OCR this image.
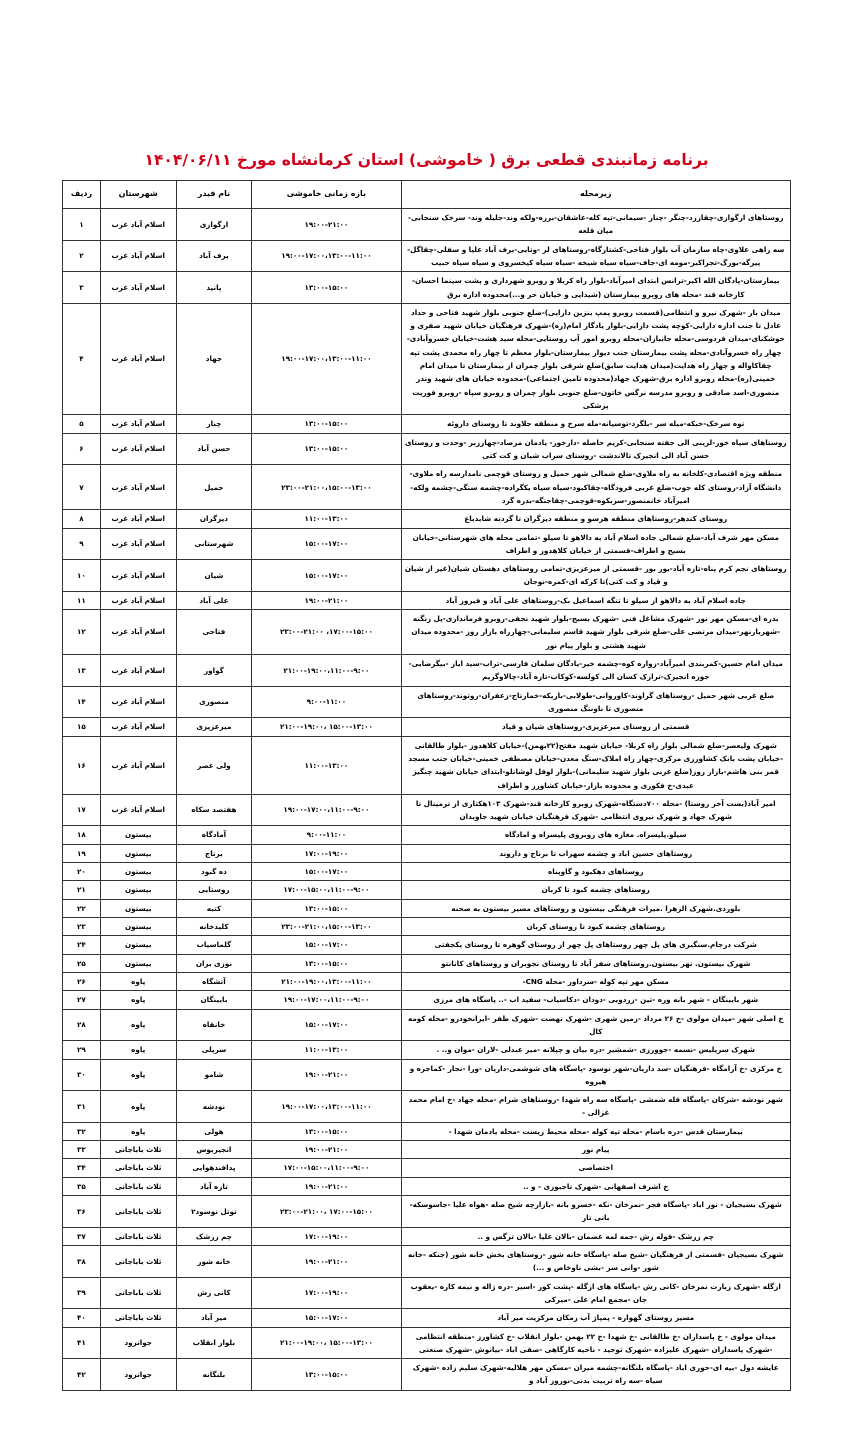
برنامه زمانبندی قطعی برق ( خاموشی) استان کرمانشاه مورخ ۱۴۰۴/۰۶/۱۱
زیرمحله	بازه زمانی خاموشی	نام فیدر	شهرستان	ردیف
روستاهای ارگوازی-چقازرد-چنگر -چنار -سیمانی-تپه کله-عاشقان-برزه-ولکه وند-جلیله وند- سرخک سنجابی-میان قلعه	۱۹:۰۰-۲۱:۰۰	ارگوازی	اسلام آباد غرب	۱
سه راهی علاوی-چاه سازمان آب بلوار فتاحی-کشتارگاه-روستاهای لر -وتایی-برف آباد علیا و سفلی-چقاگل-پیرگه-بورگ-تجراکبر-مومه ای-جاف-سیاه سیاه شیخه -سیاه سیاه کیخسروی و سیاه سیاه حبیب	۱۹:۰۰-۱۷:۰۰،۱۳:۰۰-۱۱:۰۰	برف آباد	اسلام آباد غرب	۲
بیمارستان-پادگان الله اکبر-ترانس ابتدای امیرآباد-بلوار راه کربلا و روبرو شهرداری و پشت سینما احسان-کارخانه قند -محله های روبرو بیمارستان (شیدایی و خیابان حر و...)محدوده اداره برق	۱۳:۰۰-۱۵:۰۰	پانید	اسلام آباد غرب	۳
میدان بار -شهرک نیرو و انتظامی(قسمت روبرو پمپ بنزین دارایی)-ضلع جنوبی بلوار شهید فتاحی و حداد عادل تا جنب اداره دارایی-کوچه پشت دارایی-بلوار یادگار امام(ره)-شهرک فرهنگیان خیابان شهید صفری و خوشکنای-میدان فردوسی-محله جانبازان-محله روبرو امور آب روستایی-محله سید هشت-خیابان خسروآبادی-چهار راه خسروآبادی-محله پشت بیمارستان جنب دیوار بیمارستان-بلوار معظم تا چهار راه محمدی پشت تپه چقاکاواله و چهار راه هدایت(میدان هدایت سابق)ضلع شرقی بلوار چمران از بیمارستان تا میدان امام خمینی(ره)-محله روبرو اداره برق-شهرک جهاد(محدوده تامین اجتماعی)-محدوده خیابان های شهید وندر منصوری-اسد صادقی و روبرو مدرسه نرگس خاتون-ضلع جنوبی بلوار چمران و روبرو سپاه -روبرو فوریت پزشکی	۱۹:۰۰-۱۷:۰۰،۱۳:۰۰-۱۱:۰۰	جهاد	اسلام آباد غرب	۴
توه سرخک-خبکه-میله سر -بلگرد-توسیانه-مله سرخ و منطقه جلاوند تا روستای داروئه	۱۳:۰۰-۱۵:۰۰	چنار	اسلام آباد غرب	۵
روستاهای سیاه خور-لرینی الی جفته سنجابی-کریم حاصله -دارخور- یادمان مرصاد-چهارزبر -وحدت و روستای حسن آباد الی انجیرک تالاندشت -روستای سراب شیان و کت کتی	۱۳:۰۰-۱۵:۰۰	حسن آباد	اسلام آباد غرب	۶
منطقه ویژه اقتصادی-کلخانه به راه ملاوی-ضلع شمالی شهر حمیل و روستای قوچمی نامدارسه راه ملاوی-دانشگاه آزاد-روستای کله جوب-ضلع غربی فرودگاه-چقاکبود-سیاه سیاه یکگراده-چشمه سنگی-چشمه ولکه-امیرآباد خانمنصور-سربکوه-قوچمی-چقاجنگه-بدره گرد	۲۳:۰۰-۲۱:۰۰،۱۵:۰۰-۱۳:۰۰	حمیل	اسلام آباد غرب	۷
روستای کندهر-روستاهای منطقه هرسو و منطقه دیزگران تا گردنه شابدباغ	۱۱:۰۰-۱۳:۰۰	دیزگران	اسلام آباد غرب	۸
مسکن مهر شرف آباد-ضلع شمالی جاده اسلام آباد به دالاهو تا سیلو -تمامی محله های شهرستانی-خیابان بسیج و اطراف-قسمتی از خیابان کلاهدوز و اطراف	۱۵:۰۰-۱۷:۰۰	شهرستانی	اسلام آباد غرب	۹
روستاهای نجم کرم پناه-تازه آباد-بور بور -قسمتی از میرعزیزی-تمامی روستاهای دهستان شیان(غیر از شیان و قیاد و کت کتی)تا کرکه ای-کمره-نوجان	۱۵:۰۰-۱۷:۰۰	شیان	اسلام آباد غرب	۱۰
جاده اسلام آباد به دالاهو از سیلو تا تنگه اسماعیل بک-روستاهای علی آباد و فیروز آباد	۱۹:۰۰-۲۱:۰۰	علی آباد	اسلام آباد غرب	۱۱
بدره ای-مسکن مهر نور -شهرک مشاغل فنی -شهرک بسیج-بلوار شهید نجفی-روبرو فرمانداری-پل زنگنه -شهریارنهر-میدان مرتضی علی-ضلع شرقی بلوار شهید قاسم سلیمانی-چهارراه بازار روز -محدوده میدان شهید هشتی و بلوار پیام نور	۲۳:۰۰-۲۱:۰۰ ،۱۷:۰۰-۱۵:۰۰	فتاحی	اسلام آباد غرب	۱۲
میدان امام حسین-کمربندی امیرآباد-زواره کوه-چشمه خیر-یادگان سلمان فارسی-تراب-سید ایاز -بیگرضایی-جوزه انجیرک-ترازک کسان الی کولسه-کوکاب-تازه آباد-چالاوگریم	۲۱:۰۰-۱۹:۰۰،۱۱:۰۰-۹:۰۰	گواور	اسلام آباد غرب	۱۳
ضلع غربی شهر حمیل -روستاهای گراوند-کاوروانی-طولابی-باریکه-خمارتاج-زعفران-روتوند-روستاهای منصوری تا ناوننگ منصوری	۹:۰۰-۱۱:۰۰	منصوری	اسلام آباد غرب	۱۴
قسمتی از روستای میرعزیزی-روستاهای شیان و قیاد	۲۱:۰۰-۱۹:۰۰، ۱۵:۰۰-۱۳:۰۰	میرعزیزی	اسلام آباد غرب	۱۵
شهرک ولیعصر-ضلع شمالی بلوار راه کربلا- خیابان شهید مفتح(۲۲بهمن)-خیابان کلاهدوز -بلوار طالقانی -خیابان پشت بانک کشاورزی مرکزی-چهار راه املاک-سنگ معدن-خیابان مصطفی خمینی-خیابان جنب مسجد قمر بنی هاشم-بازار روز(ضلع غربی بلوار شهید سلیمانی)-بلوار لوفل لوشانلو-ابتدای خیابان شهید چنگیز عبدی-خ فکوری و محدوده بازار-خیابان کشاورز و اطراف	۱۱:۰۰-۱۳:۰۰	ولی عصر	اسلام آباد غرب	۱۶
امیر آباد(بست آخر روستا) -محله ۷۰۰دستگاه-شهرک روبرو کارخانه قند-شهرک ۱۰۳هکتاری از ترمینال تا شهرک جهاد و شهرک نیروی انتظامی -شهرک فرهنگیان خیابان شهید جاویدان	۱۹:۰۰-۱۷:۰۰،۱۱:۰۰-۹:۰۰	هفتصد سکاه	اسلام آباد غرب	۱۷
سیلو.پلیسراه. مغازه های روبروی پلیسراه و امادگاه	۹:۰۰-۱۱:۰۰	آمادگاه	بیستون	۱۸
روستاهای حسین اباد و چشمه سهراب تا برناج و داروند	۱۷:۰۰-۱۹:۰۰	برناج	بیستون	۱۹
روستاهای دهکبود و گاوپناه	۱۵:۰۰-۱۷:۰۰	ده گبود	بیستون	۲۰
روستاهای چشمه کبود تا کربان	۱۷:۰۰-۱۵:۰۰،۱۱:۰۰-۹:۰۰	روستایی	بیستون	۲۱
بلوردی.شهرک الزهرا .میراث فرهنگی بیستون و روستاهای مسیر بیستون به صحنه	۱۳:۰۰-۱۵:۰۰	کتبه	بیستون	۲۲
روستاهای چشمه کبود تا روستای کربان	۲۳:۰۰-۲۱:۰۰،۱۵:۰۰-۱۳:۰۰	کلیدخانه	بیستون	۲۳
شرکت درجام.سنگبری های پل چهر روستاهای پل چهر از روستای گوهره تا روستای یکجفتی	۱۵:۰۰-۱۷:۰۰	گلماسیاب	بیستون	۲۴
شهرک بیستون. نهر بیستون.روستاهای سفر آباد تا روستای نجوبران و روستاهای کانانتو	۱۳:۰۰-۱۵:۰۰	نوزی بران	بیستون	۲۵
مسکن مهر تپه کوله -سرداور -محله CNG-	۲۱:۰۰-۱۹:۰۰،۱۳:۰۰-۱۱:۰۰	آتشگاه	پاوه	۲۶
شهر بایینگان - شهر بانه وره -تین -زردویی -دودان -دکاسیاب- سفید اب -.. پاسگاه های مرزی	۱۹:۰۰-۱۷:۰۰،۱۱:۰۰-۹:۰۰	بایینگان	پاوه	۲۷
خ اصلی شهر -میدان مولوی -خ ۲۶ مرداد -زمین شهری -شهرک نهضت -شهرک ظفر -ایرانخودرو -محله کومه کال	۱۵:۰۰-۱۷:۰۰	خانقاه	پاوه	۲۸
شهرک سرپلیس -نسمه -جوورزی -شمشیر -دره بیان و چپلانه -میر عبدلی -لاران -موان و.. .	۱۱:۰۰-۱۳:۰۰	سرپلی	پاوه	۲۹
خ مرکزی -خ آرامگاه -فرهنگیان -سد داریان-شهر نوسود -پاسگاه های شوشمی-داریان -ورا -نجار -کماجره و هیروه	۱۹:۰۰-۲۱:۰۰	شامو	پاوه	۳۰
شهر نودشه -شرکان -پاسگاه قله شمشی -پاسگاه سه راه شهدا -روستاهای شرام -محله جهاد -خ امام محمد غزالی -	۱۹:۰۰-۱۷:۰۰،۱۳:۰۰-۱۱:۰۰	نودشه	پاوه	۳۱
بیمارستان قدس -دره باسام -محله تپه کوله -محله محیط زیست -محله یادمان شهدا -	۱۳:۰۰-۱۵:۰۰	هولی	پاوه	۳۲
پیام نور	۱۹:۰۰-۲۱:۰۰	انجیربوس	ثلاث باباجانی	۳۳
اختصاصی	۱۷:۰۰-۱۵:۰۰،۱۱:۰۰-۹:۰۰	پدافندهوایی	ثلاث باباجانی	۳۴
خ اشرف اصفهانی -شهرک تاجبوزی - و ..	۱۹:۰۰-۲۱:۰۰	تازه آباد	ثلاث باباجانی	۳۵
شهرک بسیجیان - نور اباد -پاسگاه فجر -نمرخان -نکه -خسرو بانه -بازارچه شیخ صله -هواه علیا -جاسوسکه-بانی تار	۲۳:۰۰-۲۱:۰۰، ۱۷:۰۰-۱۵:۰۰	توتل نوسود۲	ثلاث باباجانی	۳۶
چم زرشک -قوله رش -جمه لمه غضمان -بالان علیا -بالان ترگس و ..	۱۷:۰۰-۱۹:۰۰	چم زرشک	ثلاث باباجانی	۳۷
شهرک بسیجیان -قسمتی از فرهنگیان -شیخ صله -پاسگاه خانه شور -روستاهای بخش خانه شور (جنکه -خانه شور -وانی سر -بشی ناوخاص و ...)	۱۹:۰۰-۲۱:۰۰	خانه شور	ثلاث باباجانی	۳۸
ازگله -شهرک زیارت نمرخان -کانی رش -پاسگاه های ازگله -پشت کور -اسیر -دره ژاله و نیمه کاره -یعقوب جان -مجمع امام علی -میرکی	۱۷:۰۰-۱۹:۰۰	کانی رش	ثلاث باباجانی	۳۹
مسیر روستای گهواره - پمپاژ آب زمکان مرکزیت میر آباد	۱۵:۰۰-۱۷:۰۰	میر آباد	ثلاث باباجانی	۴۰
میدان مولوی - خ پاسداران -خ طالقانی -خ شهدا -خ ۲۲ بهمن -بلوار انقلاب -خ کشاورز -منطقه انتظامی -شهرک پاسداران -شهرک علیزاده -شهرک توحید - ناحیه کارگاهی -صفی اباد -بیانوش -شهرک صنعتی	۲۱:۰۰-۱۹:۰۰، ۱۵:۰۰-۱۳:۰۰	بلوار انقلاب	جوانرود	۴۱
عایشه دول -بیه ای-حوری اباد -پاسگاه بلنگانه-چشمه میران -مسکن مهر هلالیه-شهرک سلیم زاده -شهرک سیاه -سه راه تربیت بدنی-نوروز آباد و	۱۳:۰۰-۱۵:۰۰	بلنگانه	جوانرود	۴۲
